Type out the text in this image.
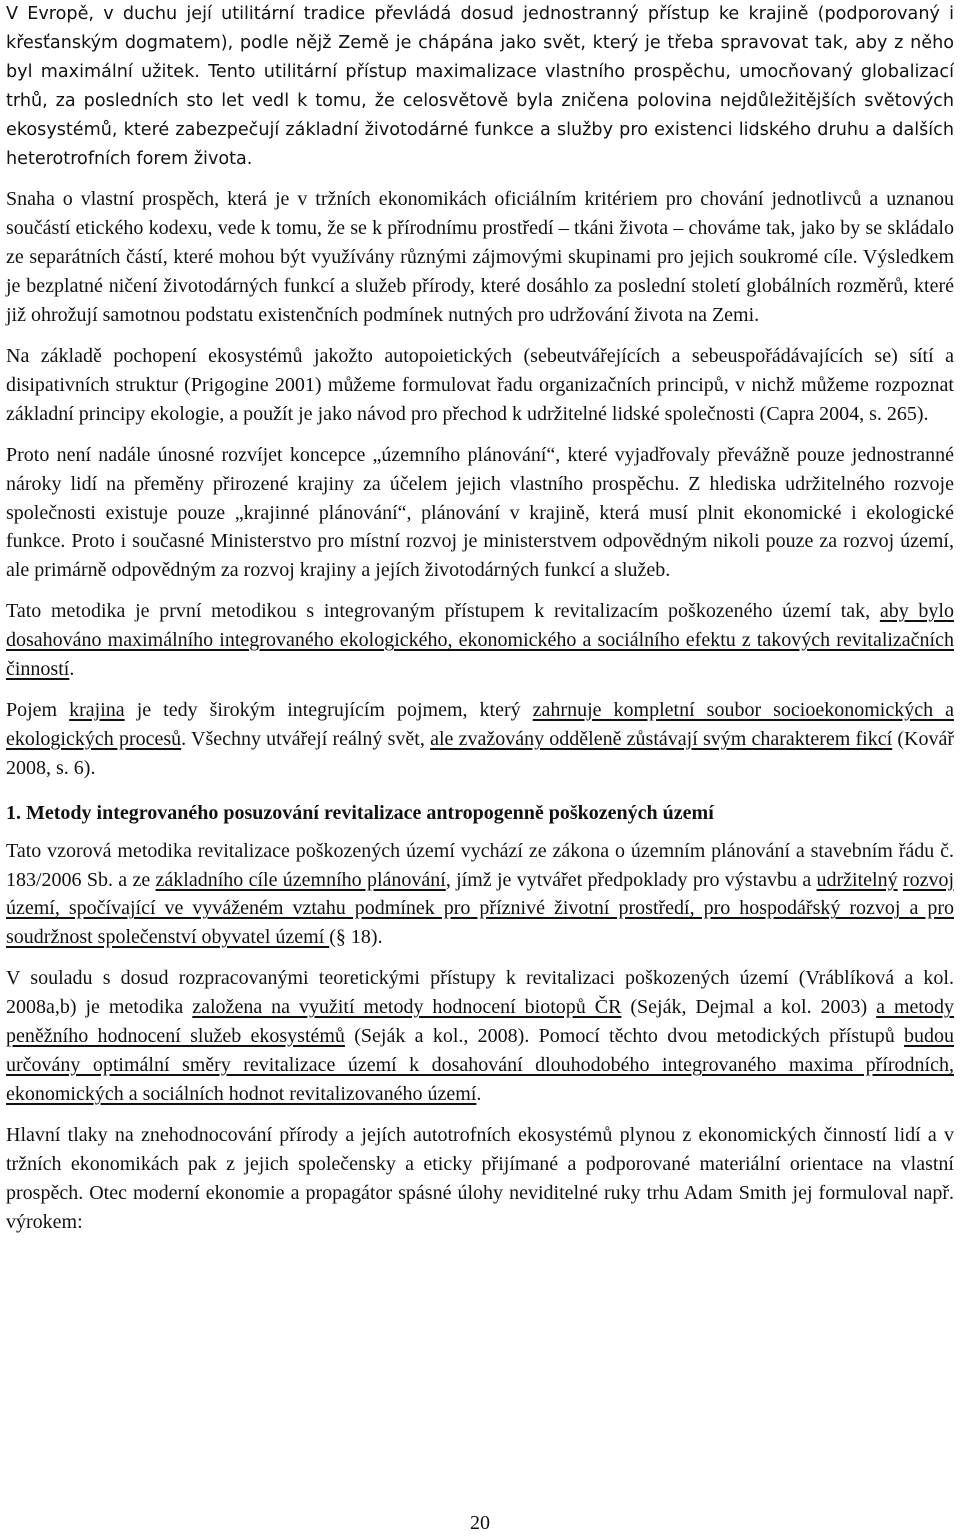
V Evropě, v duchu její utilitární tradice převládá dosud jednostranný přístup ke krajině (podporovaný i křesťanským dogmatem), podle nějž Země je chápána jako svět, který je třeba spravovat tak, aby z něho byl maximální užitek. Tento utilitární přístup maximalizace vlastního prospěchu, umocňovaný globalizací trhů, za posledních sto let vedl k tomu, že celosvětově byla zničena polovina nejdůležitějších světových ekosystémů, které zabezpečují základní životodárné funkce a služby pro existenci lidského druhu a dalších heterotrofních forem života.

Snaha o vlastní prospěch, která je v tržních ekonomikách oficiálním kritériem pro chování jednotlivců a uznanou součástí etického kodexu, vede k tomu, že se k přírodnímu prostředí – tkáni života – chováme tak, jako by se skládalo ze separátních částí, které mohou být využívány různými zájmovými skupinami pro jejich soukromé cíle. Výsledkem je bezplatné ničení životodárných funkcí a služeb přírody, které dosáhlo za poslední století globálních rozměrů, které již ohrožují samotnou podstatu existenčních podmínek nutných pro udržování života na Zemi.

Na základě pochopení ekosystémů jakožto autopoietických (sebeutvářejících a sebeuspořádávajících se) sítí a disipativních struktur (Prigogine 2001) můžeme formulovat řadu organizačních principů, v nichž můžeme rozpoznat základní principy ekologie, a použít je jako návod pro přechod k udržitelné lidské společnosti (Capra 2004, s. 265).

Proto není nadále únosné rozvíjet koncepce „územního plánování“, které vyjadřovaly převážně pouze jednostranné nároky lidí na přeměny přirozené krajiny za účelem jejich vlastního prospěchu. Z hlediska udržitelného rozvoje společnosti existuje pouze „krajinné plánování“, plánování v krajině, která musí plnit ekonomické i ekologické funkce. Proto i současné Ministerstvo pro místní rozvoj je ministerstvem odpovědným nikoli pouze za rozvoj území, ale primárně odpovědným za rozvoj krajiny a jejích životodárných funkcí a služeb.

Tato metodika je první metodikou s integrovaným přístupem k revitalizacím poškozeného území tak, aby bylo dosahováno maximálního integrovaného ekologického, ekonomického a sociálního efektu z takových revitalizačních činností.

Pojem krajina je tedy širokým integrujícím pojmem, který zahrnuje kompletní soubor socioekonomických a ekologických procesů. Všechny utvářejí reálný svět, ale zvažovány odděleně zůstávají svým charakterem fikcí (Kovář 2008, s. 6).

1. Metody integrovaného posuzování revitalizace antropogenně poškozených území

Tato vzorová metodika revitalizace poškozených území vychází ze zákona o územním plánování a stavebním řádu č. 183/2006 Sb. a ze základního cíle územního plánování, jímž je vytvářet předpoklady pro výstavbu a udržitelný rozvoj území, spočívající ve vyváženém vztahu podmínek pro příznivé životní prostředí, pro hospodářský rozvoj a pro soudržnost společenství obyvatel území (§ 18).

V souladu s dosud rozpracovanými teoretickými přístupy k revitalizaci poškozených území (Vráblíková a kol. 2008a,b) je metodika založena na využití metody hodnocení biotopů ČR (Seják, Dejmal a kol. 2003) a metody peněžního hodnocení služeb ekosystémů (Seják a kol., 2008). Pomocí těchto dvou metodických přístupů budou určovány optimální směry revitalizace území k dosahování dlouhodobého integrovaného maxima přírodních, ekonomických a sociálních hodnot revitalizovaného území.

Hlavní tlaky na znehodnocování přírody a jejích autotrofních ekosystémů plynou z ekonomických činností lidí a v tržních ekonomikách pak z jejich společensky a eticky přijímané a podporované materiální orientace na vlastní prospěch. Otec moderní ekonomie a propagátor spásné úlohy neviditelné ruky trhu Adam Smith jej formuloval např. výrokem:

20
